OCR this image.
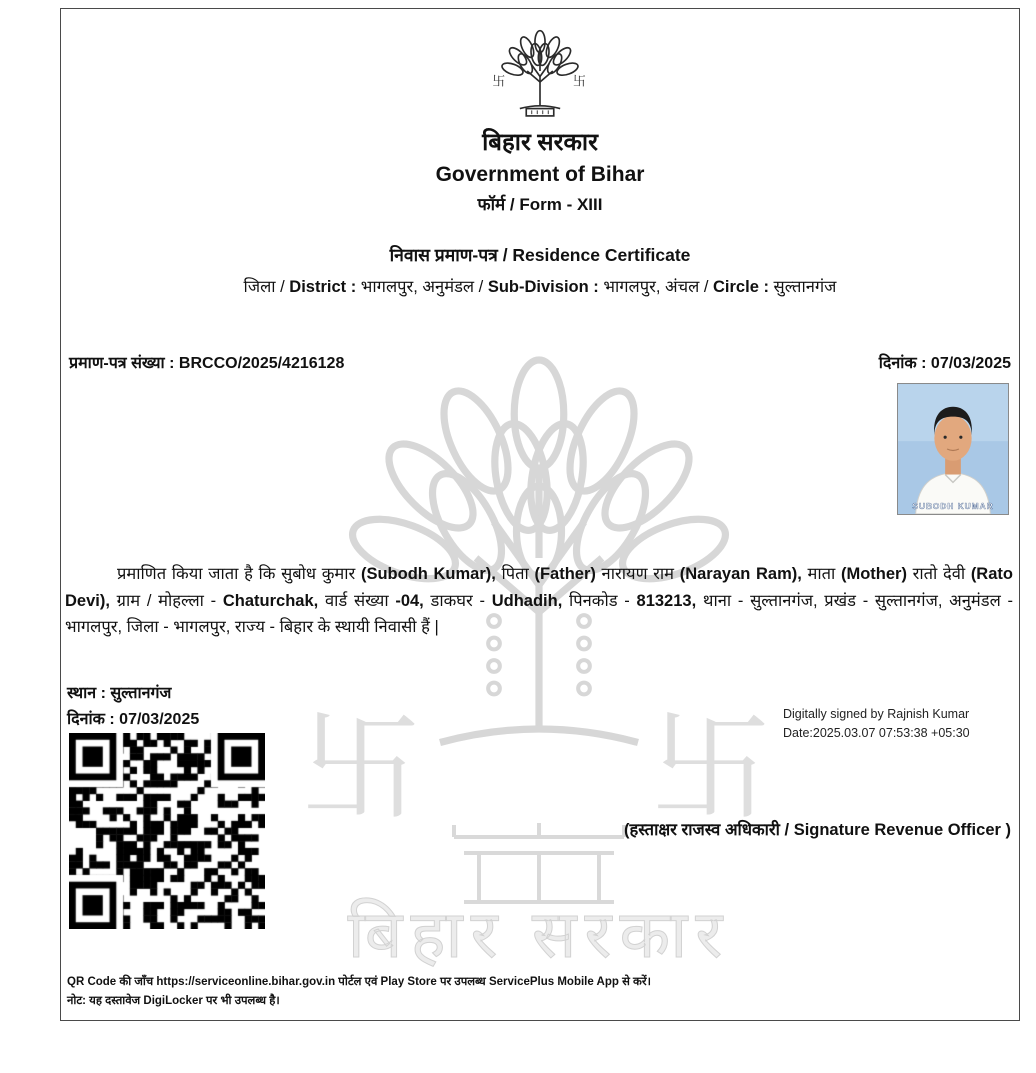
卐 卐
बिहार सरकार
卐	卐
बिहार सरकार
Government of Bihar
फॉर्म / Form - XIII
निवास प्रमाण-पत्र / Residence Certificate
जिला / District : भागलपुर, अनुमंडल / Sub-Division : भागलपुर, अंचल / Circle : सुल्तानगंज
प्रमाण-पत्र संख्या : BRCCO/2025/4216128	दिनांक : 07/03/2025
SUBODH KUMAR

प्रमाणित किया जाता है कि सुबोध कुमार (Subodh Kumar), पिता (Father) नारायण राम (Narayan Ram), माता (Mother) रातो देवी (Rato Devi), ग्राम / मोहल्ला - Chaturchak, वार्ड संख्या -04, डाकघर - Udhadih, पिनकोड - 813213, थाना - सुल्तानगंज, प्रखंड - सुल्तानगंज, अनुमंडल - भागलपुर, जिला - भागलपुर, राज्य - बिहार के स्थायी निवासी हैं |

स्थान : सुल्तानगंज
दिनांक : 07/03/2025	Digitally signed by Rajnish Kumar
Date:2025.03.07 07:53:38 +05:30
(हस्ताक्षर राजस्व अधिकारी / Signature Revenue Officer )
QR Code की जाँच https://serviceonline.bihar.gov.in पोर्टल एवं Play Store पर उपलब्ध ServicePlus Mobile App से करें।
नोट: यह दस्तावेज DigiLocker पर भी उपलब्ध है।
